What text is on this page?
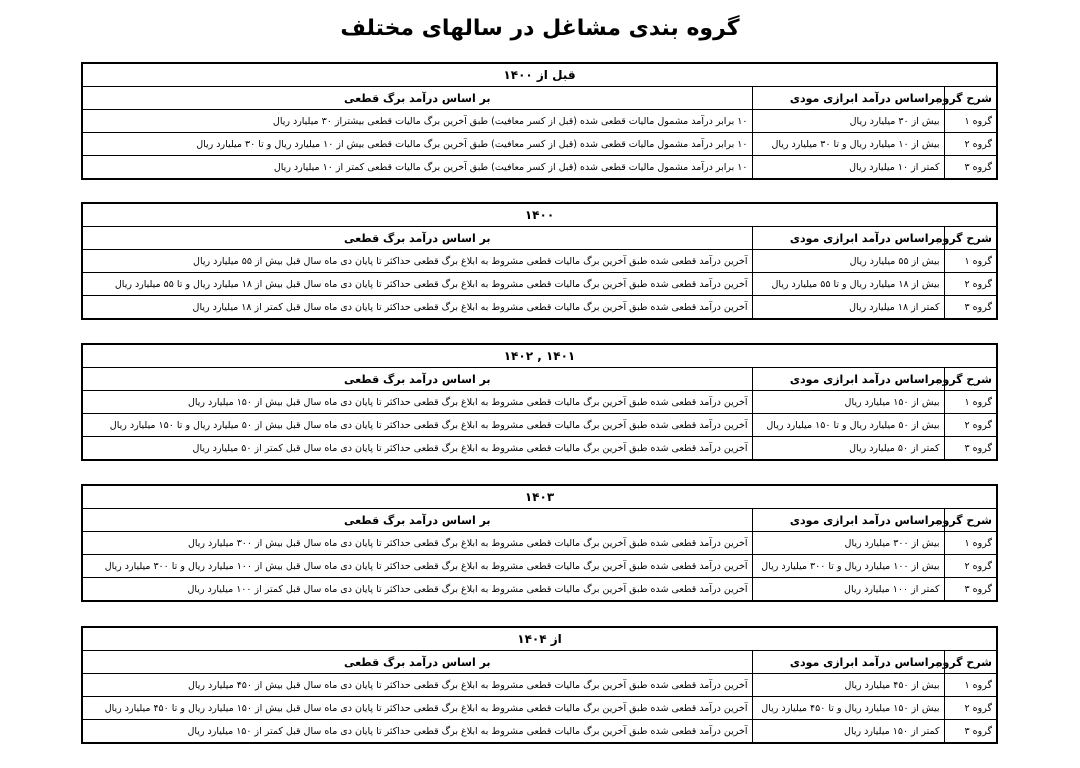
گروه بندی مشاغل در سالهای مختلف
قبل از ۱۴۰۰
شرح گروه	براساس درآمد ابرازی مودی	بر اساس درآمد برگ قطعی
گروه ۱	بیش از ۳۰ میلیارد ریال	۱۰ برابر درآمد مشمول مالیات قطعی شده (قبل از کسر معافیت) طبق آخرین برگ مالیات قطعی بیشتراز ۳۰ میلیارد ریال
گروه ۲	بیش از ۱۰ میلیارد ریال و تا ۳۰ میلیارد ریال	۱۰ برابر درآمد مشمول مالیات قطعی شده (قبل از کسر معافیت) طبق آخرین برگ مالیات قطعی بیش از ۱۰ میلیارد ریال و تا ۳۰ میلیارد ریال
گروه ۳	کمتر از ۱۰ میلیارد ریال	۱۰ برابر درآمد مشمول مالیات قطعی شده (قبل از کسر معافیت) طبق آخرین برگ مالیات قطعی کمتر از ۱۰ میلیارد ریال
۱۴۰۰
شرح گروه	براساس درآمد ابرازی مودی	بر اساس درآمد برگ قطعی
گروه ۱	بیش از ۵۵ میلیارد ریال	آخرین درآمد قطعی شده طبق آخرین برگ مالیات قطعی مشروط به ابلاغ برگ قطعی حداکثر تا پایان دی ماه سال قبل بیش از ۵۵ میلیارد ریال
گروه ۲	بیش از ۱۸ میلیارد ریال و تا ۵۵ میلیارد ریال	آخرین درآمد قطعی شده طبق آخرین برگ مالیات قطعی مشروط به ابلاغ برگ قطعی حداکثر تا پایان دی ماه سال قبل بیش از ۱۸ میلیارد ریال و تا ۵۵ میلیارد ریال
گروه ۳	کمتر از ۱۸ میلیارد ریال	آخرین درآمد قطعی شده طبق آخرین برگ مالیات قطعی مشروط به ابلاغ برگ قطعی حداکثر تا پایان دی ماه سال قبل کمتر از ۱۸ میلیارد ریال
۱۴۰۱ , ۱۴۰۲
شرح گروه	براساس درآمد ابرازی مودی	بر اساس درآمد برگ قطعی
گروه ۱	بیش از ۱۵۰ میلیارد ریال	آخرین درآمد قطعی شده طبق آخرین برگ مالیات قطعی مشروط به ابلاغ برگ قطعی حداکثر تا پایان دی ماه سال قبل بیش از ۱۵۰ میلیارد ریال
گروه ۲	بیش از ۵۰ میلیارد ریال و تا ۱۵۰ میلیارد ریال	آخرین درآمد قطعی شده طبق آخرین برگ مالیات قطعی مشروط به ابلاغ برگ قطعی حداکثر تا پایان دی ماه سال قبل بیش از ۵۰ میلیارد ریال و تا ۱۵۰ میلیارد ریال
گروه ۳	کمتر از ۵۰ میلیارد ریال	آخرین درآمد قطعی شده طبق آخرین برگ مالیات قطعی مشروط به ابلاغ برگ قطعی حداکثر تا پایان دی ماه سال قبل کمتر از ۵۰ میلیارد ریال
۱۴۰۳
شرح گروه	براساس درآمد ابرازی مودی	بر اساس درآمد برگ قطعی
گروه ۱	بیش از ۳۰۰ میلیارد ریال	آخرین درآمد قطعی شده طبق آخرین برگ مالیات قطعی مشروط به ابلاغ برگ قطعی حداکثر تا پایان دی ماه سال قبل بیش از ۳۰۰ میلیارد ریال
گروه ۲	بیش از ۱۰۰ میلیارد ریال و تا ۳۰۰ میلیارد ریال	آخرین درآمد قطعی شده طبق آخرین برگ مالیات قطعی مشروط به ابلاغ برگ قطعی حداکثر تا پایان دی ماه سال قبل بیش از ۱۰۰ میلیارد ریال و تا ۳۰۰ میلیارد ریال
گروه ۳	کمتر از ۱۰۰ میلیارد ریال	آخرین درآمد قطعی شده طبق آخرین برگ مالیات قطعی مشروط به ابلاغ برگ قطعی حداکثر تا پایان دی ماه سال قبل کمتر از ۱۰۰ میلیارد ریال
از ۱۴۰۴
شرح گروه	براساس درآمد ابرازی مودی	بر اساس درآمد برگ قطعی
گروه ۱	بیش از ۴۵۰ میلیارد ریال	آخرین درآمد قطعی شده طبق آخرین برگ مالیات قطعی مشروط به ابلاغ برگ قطعی حداکثر تا پایان دی ماه سال قبل بیش از ۴۵۰ میلیارد ریال
گروه ۲	بیش از ۱۵۰ میلیارد ریال و تا ۴۵۰ میلیارد ریال	آخرین درآمد قطعی شده طبق آخرین برگ مالیات قطعی مشروط به ابلاغ برگ قطعی حداکثر تا پایان دی ماه سال قبل بیش از ۱۵۰ میلیارد ریال و تا ۴۵۰ میلیارد ریال
گروه ۳	کمتر از ۱۵۰ میلیارد ریال	آخرین درآمد قطعی شده طبق آخرین برگ مالیات قطعی مشروط به ابلاغ برگ قطعی حداکثر تا پایان دی ماه سال قبل کمتر از ۱۵۰ میلیارد ریال
